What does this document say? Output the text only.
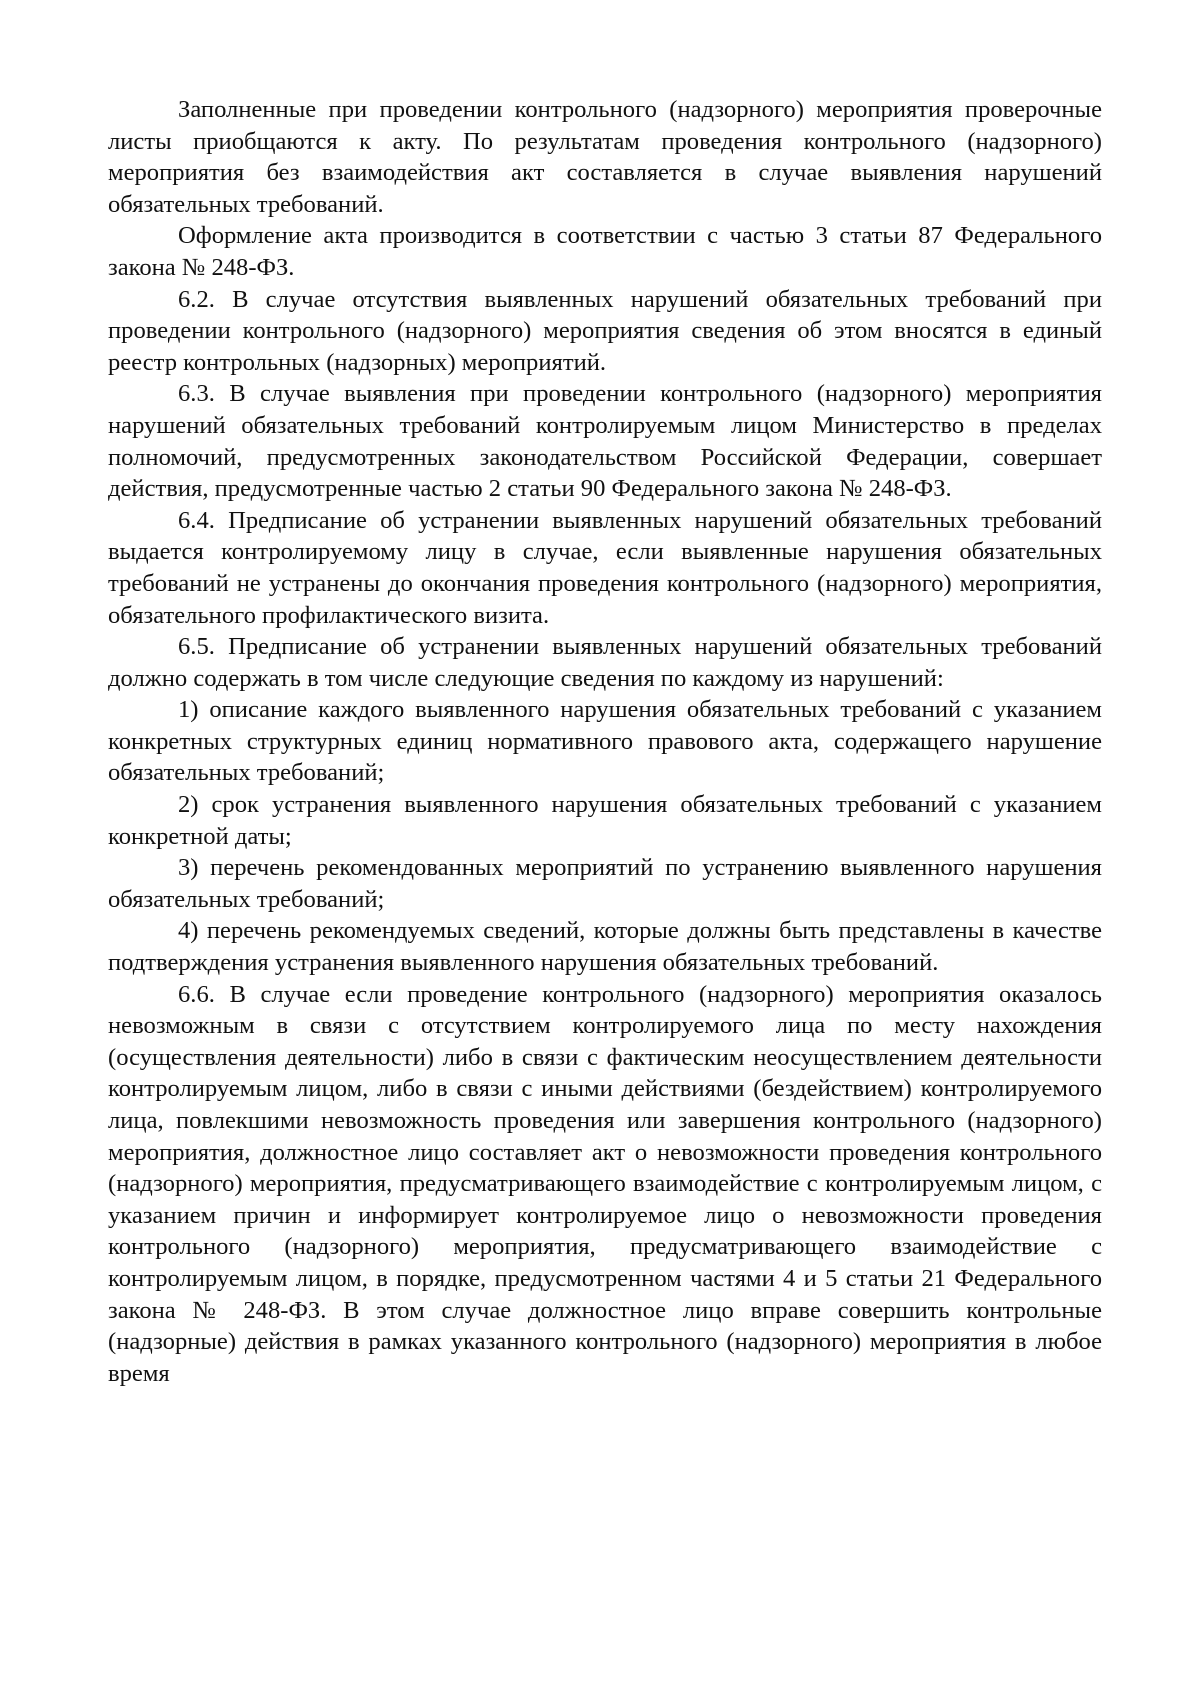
Заполненные при проведении контрольного (надзорного) мероприятия проверочные листы приобщаются к акту. По результатам проведения контрольного (надзорного) мероприятия без взаимодействия акт составляется в случае выявления нарушений обязательных требований.

Оформление акта производится в соответствии с частью 3 статьи 87 Федерального закона № 248-ФЗ.

6.2. В случае отсутствия выявленных нарушений обязательных требований при проведении контрольного (надзорного) мероприятия сведения об этом вносятся в единый реестр контрольных (надзорных) мероприятий.

6.3. В случае выявления при проведении контрольного (надзорного) мероприятия нарушений обязательных требований контролируемым лицом Министерство в пределах полномочий, предусмотренных законодательством Российской Федерации, совершает действия, предусмотренные частью 2 статьи 90 Федерального закона № 248-ФЗ.

6.4. Предписание об устранении выявленных нарушений обязательных требований выдается контролируемому лицу в случае, если выявленные нарушения обязательных требований не устранены до окончания проведения контрольного (надзорного) мероприятия, обязательного профилактического визита.

6.5. Предписание об устранении выявленных нарушений обязательных требований должно содержать в том числе следующие сведения по каждому из нарушений:

1) описание каждого выявленного нарушения обязательных требований с указанием конкретных структурных единиц нормативного правового акта, содержащего нарушение обязательных требований;

2) срок устранения выявленного нарушения обязательных требований с указанием конкретной даты;

3) перечень рекомендованных мероприятий по устранению выявленного нарушения обязательных требований;

4) перечень рекомендуемых сведений, которые должны быть представлены в качестве подтверждения устранения выявленного нарушения обязательных требований.

6.6. В случае если проведение контрольного (надзорного) мероприятия оказалось невозможным в связи с отсутствием контролируемого лица по месту нахождения (осуществления деятельности) либо в связи с фактическим неосуществлением деятельности контролируемым лицом, либо в связи с иными действиями (бездействием) контролируемого лица, повлекшими невозможность проведения или завершения контрольного (надзорного) мероприятия, должностное лицо составляет акт о невозможности проведения контрольного (надзорного) мероприятия, предусматривающего взаимодействие с контролируемым лицом, с указанием причин и информирует контролируемое лицо о невозможности проведения контрольного (надзорного) мероприятия, предусматривающего взаимодействие с контролируемым лицом, в порядке, предусмотренном частями 4 и 5 статьи 21 Федерального закона № 248-ФЗ. В этом случае должностное лицо вправе совершить контрольные (надзорные) действия в рамках указанного контрольного (надзорного) мероприятия в любое время
